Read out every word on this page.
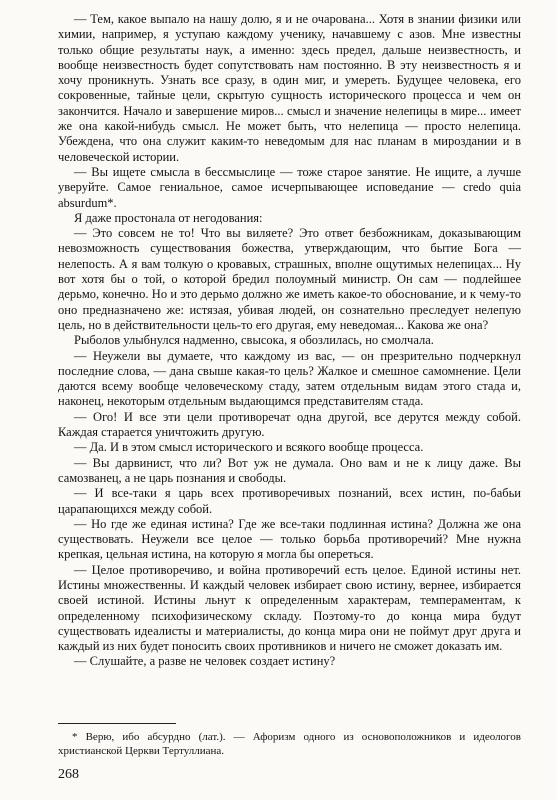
— Тем, какое выпало на нашу долю, я и не очарована... Хотя в знании физики или химии, например, я уступаю каждому ученику, начавшему с азов. Мне известны только общие результаты наук, а именно: здесь предел, дальше неизвестность, и вообще неизвестность будет сопутствовать нам постоянно. В эту неизвестность я и хочу проникнуть. Узнать все сразу, в один миг, и умереть. Будущее человека, его сокровенные, тайные цели, скрытую сущность исторического процесса и чем он закончится. Начало и завершение миров... смысл и значение нелепицы в мире... имеет же она какой-нибудь смысл. Не может быть, что нелепица — просто нелепица. Убеждена, что она служит каким-то неведомым для нас планам в мироздании и в человеческой истории.

— Вы ищете смысла в бессмыслице — тоже старое занятие. Не ищите, а лучше уверуйте. Самое гениальное, самое исчерпывающее исповедание — credo quia absurdum*.

Я даже простонала от негодования:

— Это совсем не то! Что вы виляете? Это ответ безбожникам, доказывающим невозможность существования божества, утверждающим, что бытие Бога — нелепость. А я вам толкую о кровавых, страшных, вполне ощутимых нелепицах... Ну вот хотя бы о той, о которой бредил полоумный министр. Он сам — подлейшее дерьмо, конечно. Но и это дерьмо должно же иметь какое-то обоснование, и к чему-то оно предназначено же: истязая, убивая людей, он сознательно преследует нелепую цель, но в действительности цель-то его другая, ему неведомая... Какова же она?

Рыболов улыбнулся надменно, свысока, я обозлилась, но смолчала.

— Неужели вы думаете, что каждому из вас, — он презрительно подчеркнул последние слова, — дана свыше какая-то цель? Жалкое и смешное самомнение. Цели даются всему вообще человеческому стаду, затем отдельным видам этого стада и, наконец, некоторым отдельным выдающимся представителям стада.

— Ого! И все эти цели противоречат одна другой, все дерутся между собой. Каждая старается уничтожить другую.

— Да. И в этом смысл исторического и всякого вообще процесса.

— Вы дарвинист, что ли? Вот уж не думала. Оно вам и не к лицу даже. Вы самозванец, а не царь познания и свободы.

— И все-таки я царь всех противоречивых познаний, всех истин, по-бабьи царапающихся между собой.

— Но где же единая истина? Где же все-таки подлинная истина? Должна же она существовать. Неужели все целое — только борьба противоречий? Мне нужна крепкая, цельная истина, на которую я могла бы опереться.

— Целое противоречиво, и война противоречий есть целое. Единой истины нет. Истины множественны. И каждый человек избирает свою истину, вернее, избирается своей истиной. Истины льнут к определенным характерам, темпераментам, к определенному психофизическому складу. Поэтому-то до конца мира будут существовать идеалисты и материалисты, до конца мира они не поймут друг друга и каждый из них будет поносить своих противников и ничего не сможет доказать им.

— Слушайте, а разве не человек создает истину?

* Верю, ибо абсурдно (лат.). — Афоризм одного из основоположников и идеологов христианской Церкви Тертуллиана.

268
